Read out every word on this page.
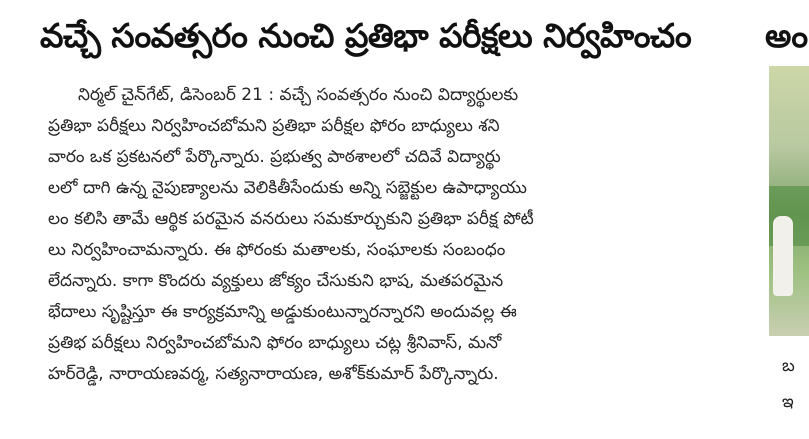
వచ్చే సంవత్సరం నుంచి ప్రతిభా పరీక్షలు నిర్వహించం
నిర్మల్ చైన్‌గేట్, డిసెంబర్ 21 : వచ్చే సంవత్సరం నుంచి విద్యార్థులకు
ప్రతిభా పరీక్షలు నిర్వహించబోమని ప్రతిభా పరీక్షల ఫోరం బాధ్యులు శని
వారం ఒక ప్రకటనలో పేర్కొన్నారు. ప్రభుత్వ పాఠశాలలో చదివే విద్యార్థు
లలో దాగి ఉన్న నైపుణ్యాలను వెలికితీసేందుకు అన్ని సబ్జెక్టుల ఉపాధ్యాయు
లం కలిసి తామే ఆర్థిక పరమైన వనరులు సమకూర్చుకుని ప్రతిభా పరీక్ష పోటీ
లు నిర్వహించామన్నారు. ఈ ఫోరంకు మతాలకు, సంఘాలకు సంబంధం
లేదన్నారు. కాగా కొందరు వ్యక్తులు జోక్యం చేసుకుని భాష, మతపరమైన
భేదాలు సృష్టిస్తూ ఈ కార్యక్రమాన్ని అడ్డుకుంటున్నారన్నారని అందువల్ల ఈ
ప్రతిభ పరీక్షలు నిర్వహించబోమని ఫోరం బాధ్యులు చట్ల శ్రీనివాస్, మనో
హర్‌రెడ్డి, నారాయణవర్మ, సత్యనారాయణ, అశోక్‌కుమార్ పేర్కొన్నారు.
అం
బ
ఇ
